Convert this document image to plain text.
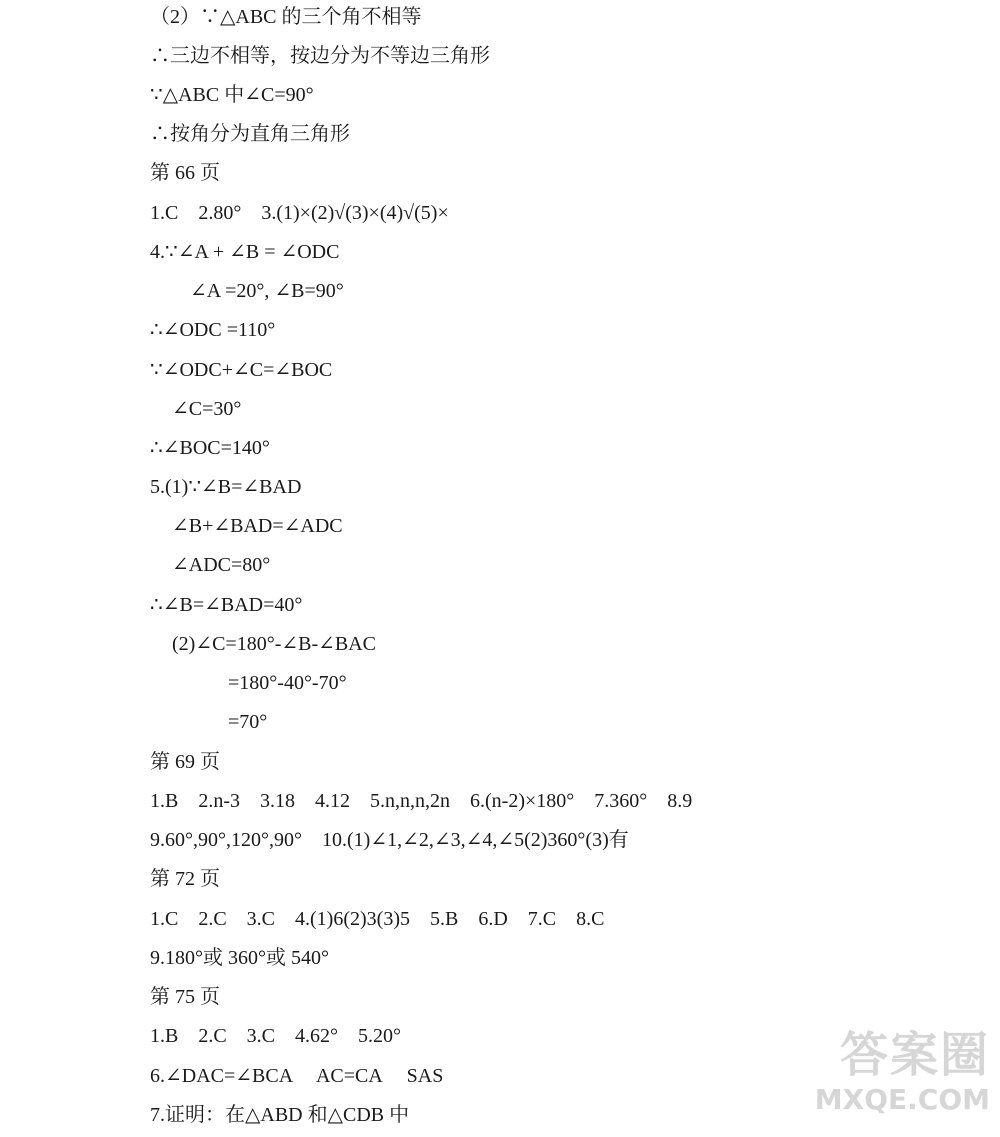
（2）∵△ABC 的三个角不相等

∴三边不相等，按边分为不等边三角形

∵△ABC 中∠C=90°

∴按角分为直角三角形

第 66 页

1.C    2.80°    3.(1)×(2)√(3)×(4)√(5)×

4.∵∠A + ∠B = ∠ODC

∠A =20°, ∠B=90°

∴∠ODC =110°

∵∠ODC+∠C=∠BOC

∠C=30°

∴∠BOC=140°

5.(1)∵∠B=∠BAD

∠B+∠BAD=∠ADC

∠ADC=80°

∴∠B=∠BAD=40°

(2)∠C=180°-∠B-∠BAC

=180°-40°-70°

=70°

第 69 页

1.B    2.n-3    3.18    4.12    5.n,n,n,2n    6.(n-2)×180°    7.360°    8.9

9.60°,90°,120°,90°    10.(1)∠1,∠2,∠3,∠4,∠5(2)360°(3)有

第 72 页

1.C    2.C    3.C    4.(1)6(2)3(3)5    5.B    6.D    7.C    8.C

9.180°或 360°或 540°

第 75 页

1.B    2.C    3.C    4.62°    5.20°

6.∠DAC=∠BCA     AC=CA     SAS

7.证明：在△ABD 和△CDB 中

答案圈
MXQE.COM
